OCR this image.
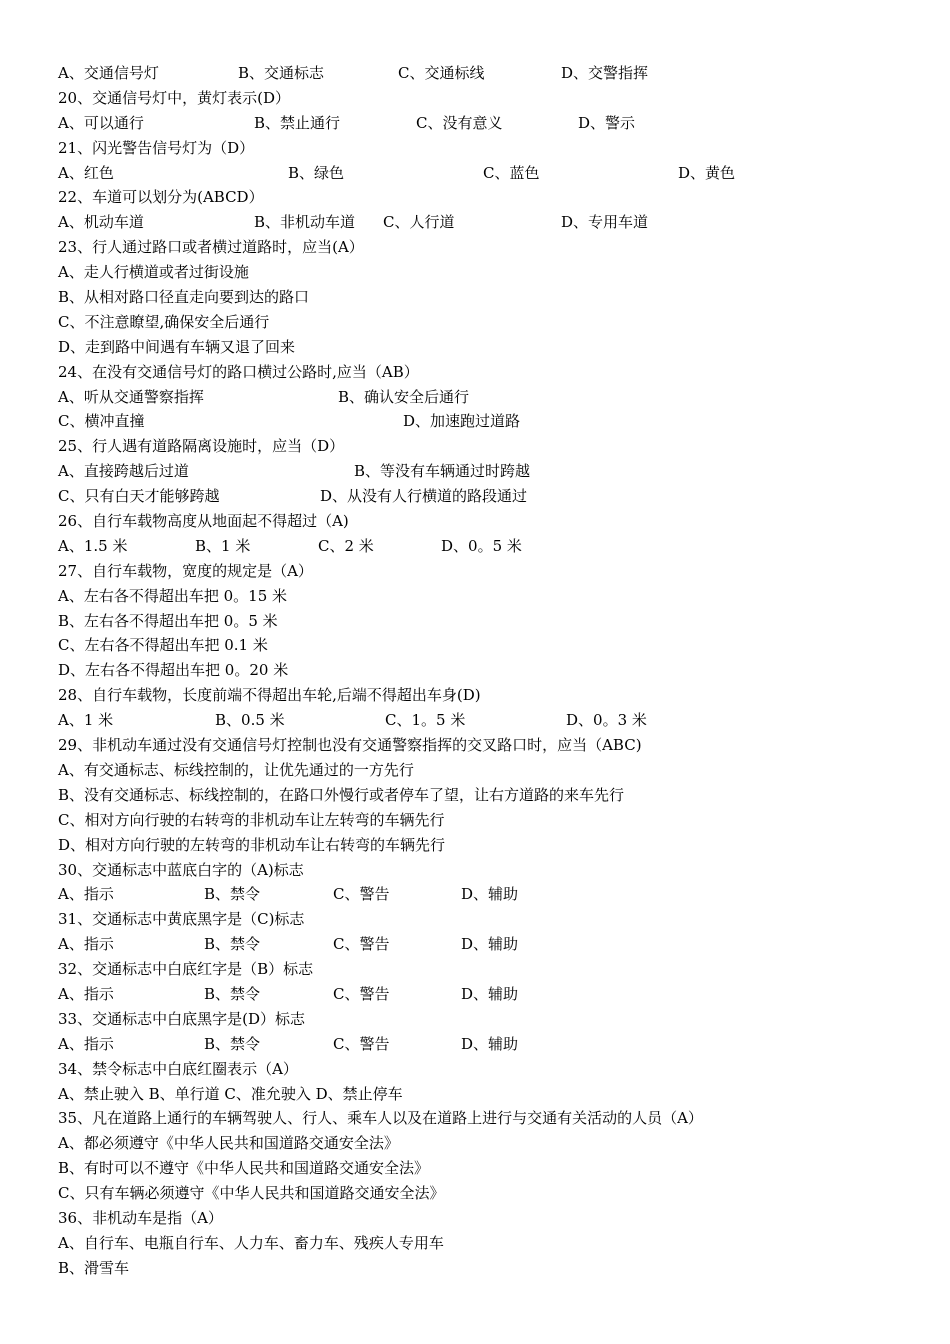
A、交通信号灯	B、交通标志	C、交通标线	D、交警指挥
20、交通信号灯中，黄灯表示(D）
A、可以通行	B、禁止通行	C、没有意义	D、警示
21、闪光警告信号灯为（D）
A、红色	B、绿色	C、蓝色	D、黄色
22、车道可以划分为(ABCD）
A、机动车道	B、非机动车道 C、人行道	D、专用车道
23、行人通过路口或者横过道路时，应当(A）
A、走人行横道或者过街设施
B、从相对路口径直走向要到达的路口
C、不注意瞭望,确保安全后通行
D、走到路中间遇有车辆又退了回来
24、在没有交通信号灯的路口横过公路时,应当（AB）
A、听从交通警察指挥	B、确认安全后通行
C、横冲直撞	D、加速跑过道路
25、行人遇有道路隔离设施时，应当（D）
A、直接跨越后过道	B、等没有车辆通过时跨越
C、只有白天才能够跨越	D、从没有人行横道的路段通过
26、自行车载物高度从地面起不得超过（A)
A、1.5 米	B、1 米	C、2 米	D、0。5 米
27、自行车载物，宽度的规定是（A）
A、左右各不得超出车把 0。15 米
B、左右各不得超出车把 0。5 米
C、左右各不得超出车把 0.1 米
D、左右各不得超出车把 0。20 米
28、自行车载物，长度前端不得超出车轮,后端不得超出车身(D)
A、1 米	B、0.5 米	C、1。5 米	D、0。3 米
29、非机动车通过没有交通信号灯控制也没有交通警察指挥的交叉路口时，应当（ABC)
A、有交通标志、标线控制的，让优先通过的一方先行
B、没有交通标志、标线控制的，在路口外慢行或者停车了望，让右方道路的来车先行
C、相对方向行驶的右转弯的非机动车让左转弯的车辆先行
D、相对方向行驶的左转弯的非机动车让右转弯的车辆先行
30、交通标志中蓝底白字的（A)标志
A、指示	B、禁令	C、警告	D、辅助
31、交通标志中黄底黑字是（C)标志
A、指示	B、禁令	C、警告	D、辅助
32、交通标志中白底红字是（B）标志
A、指示	B、禁令	C、警告	D、辅助
33、交通标志中白底黑字是(D）标志
A、指示	B、禁令	C、警告	D、辅助
34、禁令标志中白底红圈表示（A）
A、禁止驶入 B、单行道 C、准允驶入 D、禁止停车
35、凡在道路上通行的车辆驾驶人、行人、乘车人以及在道路上进行与交通有关活动的人员（A）
A、都必须遵守《中华人民共和国道路交通安全法》
B、有时可以不遵守《中华人民共和国道路交通安全法》
C、只有车辆必须遵守《中华人民共和国道路交通安全法》
36、非机动车是指（A）
A、自行车、电瓶自行车、人力车、畜力车、残疾人专用车
B、滑雪车
